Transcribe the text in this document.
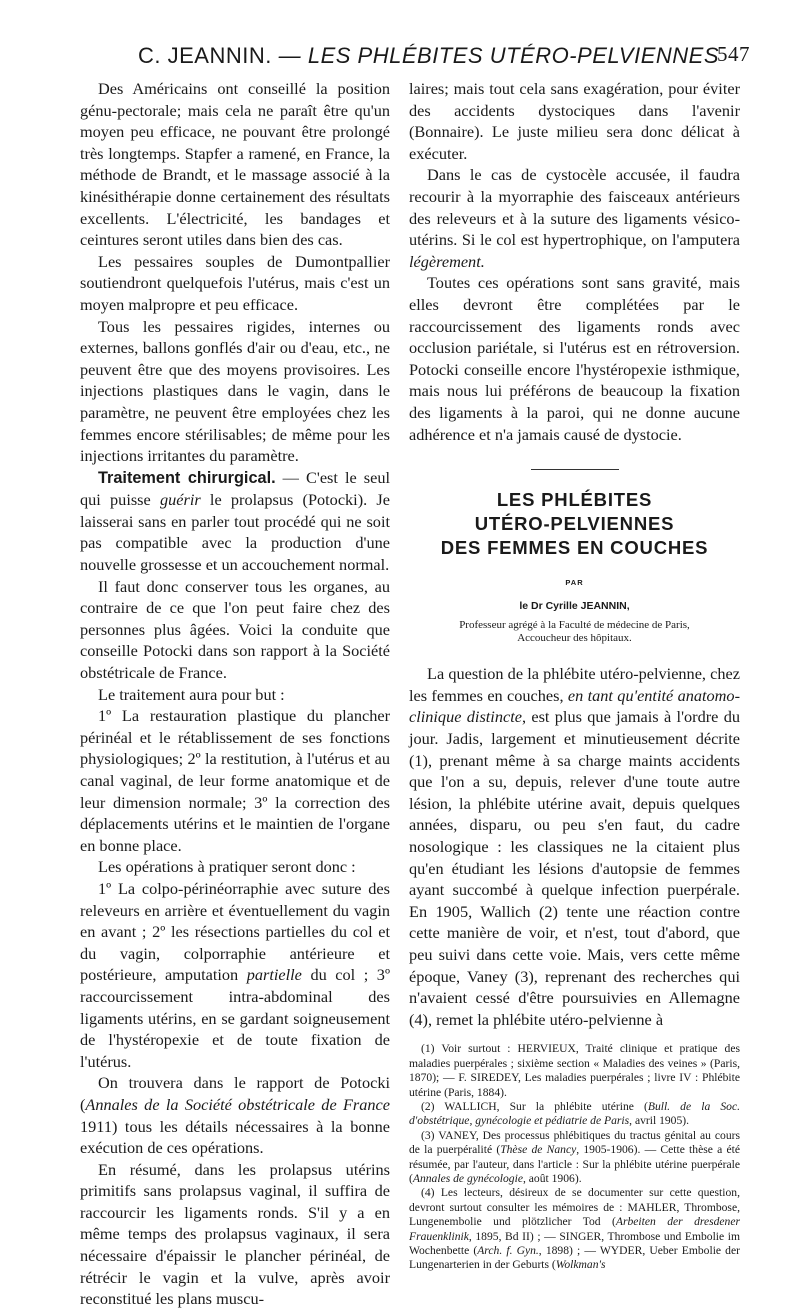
C. JEANNIN. — LES PHLÉBITES UTÉRO-PELVIENNES
547

Des Américains ont conseillé la position génu-pectorale; mais cela ne paraît être qu'un moyen peu efficace, ne pouvant être prolongé très longtemps. Stapfer a ramené, en France, la méthode de Brandt, et le massage associé à la kinésithérapie donne certainement des résultats excellents. L'électricité, les bandages et ceintures seront utiles dans bien des cas.

Les pessaires souples de Dumontpallier soutiendront quelquefois l'utérus, mais c'est un moyen malpropre et peu efficace.

Tous les pessaires rigides, internes ou externes, ballons gonflés d'air ou d'eau, etc., ne peuvent être que des moyens provisoires. Les injections plastiques dans le vagin, dans le paramètre, ne peuvent être employées chez les femmes encore stérilisables; de même pour les injections irritantes du paramètre.

Traitement chirurgical. — C'est le seul qui puisse guérir le prolapsus (Potocki). Je laisserai sans en parler tout procédé qui ne soit pas compatible avec la production d'une nouvelle grossesse et un accouchement normal.

Il faut donc conserver tous les organes, au contraire de ce que l'on peut faire chez des personnes plus âgées. Voici la conduite que conseille Potocki dans son rapport à la Société obstétricale de France.

Le traitement aura pour but :

1º La restauration plastique du plancher périnéal et le rétablissement de ses fonctions physiologiques; 2º la restitution, à l'utérus et au canal vaginal, de leur forme anatomique et de leur dimension normale; 3º la correction des déplacements utérins et le maintien de l'organe en bonne place.

Les opérations à pratiquer seront donc :

1º La colpo-périnéorraphie avec suture des releveurs en arrière et éventuellement du vagin en avant ; 2º les résections partielles du col et du vagin, colporraphie antérieure et postérieure, amputation partielle du col ; 3º raccourcissement intra-abdominal des ligaments utérins, en se gardant soigneusement de l'hystéropexie et de toute fixation de l'utérus.

On trouvera dans le rapport de Potocki (Annales de la Société obstétricale de France 1911) tous les détails nécessaires à la bonne exécution de ces opérations.

En résumé, dans les prolapsus utérins primitifs sans prolapsus vaginal, il suffira de raccourcir les ligaments ronds. S'il y a en même temps des prolapsus vaginaux, il sera nécessaire d'épaissir le plancher périnéal, de rétrécir le vagin et la vulve, après avoir reconstitué les plans muscu-

laires; mais tout cela sans exagération, pour éviter des accidents dystociques dans l'avenir (Bonnaire). Le juste milieu sera donc délicat à exécuter.

Dans le cas de cystocèle accusée, il faudra recourir à la myorraphie des faisceaux antérieurs des releveurs et à la suture des ligaments vésico-utérins. Si le col est hypertrophique, on l'amputera légèrement.

Toutes ces opérations sont sans gravité, mais elles devront être complétées par le raccourcissement des ligaments ronds avec occlusion pariétale, si l'utérus est en rétroversion. Potocki conseille encore l'hystéropexie isthmique, mais nous lui préférons de beaucoup la fixation des ligaments à la paroi, qui ne donne aucune adhérence et n'a jamais causé de dystocie.

LES PHLÉBITES
UTÉRO-PELVIENNES
DES FEMMES EN COUCHES
PAR
le Dr Cyrille JEANNIN,
Professeur agrégé à la Faculté de médecine de Paris,
Accoucheur des hôpitaux.

La question de la phlébite utéro-pelvienne, chez les femmes en couches, en tant qu'entité anatomo-clinique distincte, est plus que jamais à l'ordre du jour. Jadis, largement et minutieusement décrite (1), prenant même à sa charge maints accidents que l'on a su, depuis, relever d'une toute autre lésion, la phlébite utérine avait, depuis quelques années, disparu, ou peu s'en faut, du cadre nosologique : les classiques ne la citaient plus qu'en étudiant les lésions d'autopsie de femmes ayant succombé à quelque infection puerpérale. En 1905, Wallich (2) tente une réaction contre cette manière de voir, et n'est, tout d'abord, que peu suivi dans cette voie. Mais, vers cette même époque, Vaney (3), reprenant des recherches qui n'avaient cessé d'être poursuivies en Allemagne (4), remet la phlébite utéro-pelvienne à

(1) Voir surtout : HERVIEUX, Traité clinique et pratique des maladies puerpérales ; sixième section « Maladies des veines » (Paris, 1870); — F. SIREDEY, Les maladies puerpérales ; livre IV : Phlébite utérine (Paris, 1884).

(2) WALLICH, Sur la phlébite utérine (Bull. de la Soc. d'obstétrique, gynécologie et pédiatrie de Paris, avril 1905).

(3) VANEY, Des processus phlébitiques du tractus génital au cours de la puerpéralité (Thèse de Nancy, 1905-1906). — Cette thèse a été résumée, par l'auteur, dans l'article : Sur la phlébite utérine puerpérale (Annales de gynécologie, août 1906).

(4) Les lecteurs, désireux de se documenter sur cette question, devront surtout consulter les mémoires de : MAHLER, Thrombose, Lungenembolie und plötzlicher Tod (Arbeiten der dresdener Frauenklinik, 1895, Bd II) ; — SINGER, Thrombose und Embolie im Wochenbette (Arch. f. Gyn., 1898) ; — WYDER, Ueber Embolie der Lungenarterien in der Geburts (Wolkman's
